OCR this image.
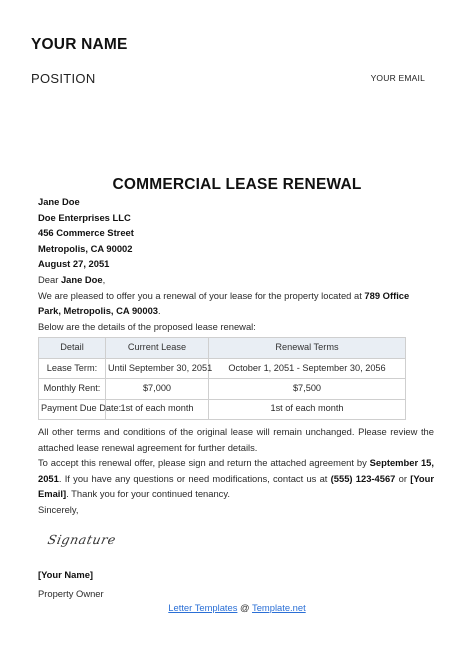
YOUR NAME
POSITION	YOUR EMAIL
COMMERCIAL LEASE RENEWAL

Jane Doe

Doe Enterprises LLC

456 Commerce Street

Metropolis, CA 90002

August 27, 2051

Dear Jane Doe,

We are pleased to offer you a renewal of your lease for the property located at 789 Office Park, Metropolis, CA 90003.

Below are the details of the proposed lease renewal:

Detail	Current Lease	Renewal Terms
Lease Term:	Until September 30, 2051	October 1, 2051 - September 30, 2056
Monthly Rent:	$7,000	$7,500
Payment Due Date:	1st of each month	1st of each month

All other terms and conditions of the original lease will remain unchanged. Please review the attached lease renewal agreement for further details.

To accept this renewal offer, please sign and return the attached agreement by September 15, 2051. If you have any questions or need modifications, contact us at (555) 123-4567 or [Your Email]. Thank you for your continued tenancy.

Sincerely,

Signature
[Your Name]
Property Owner
Letter Templates @ Template.net
